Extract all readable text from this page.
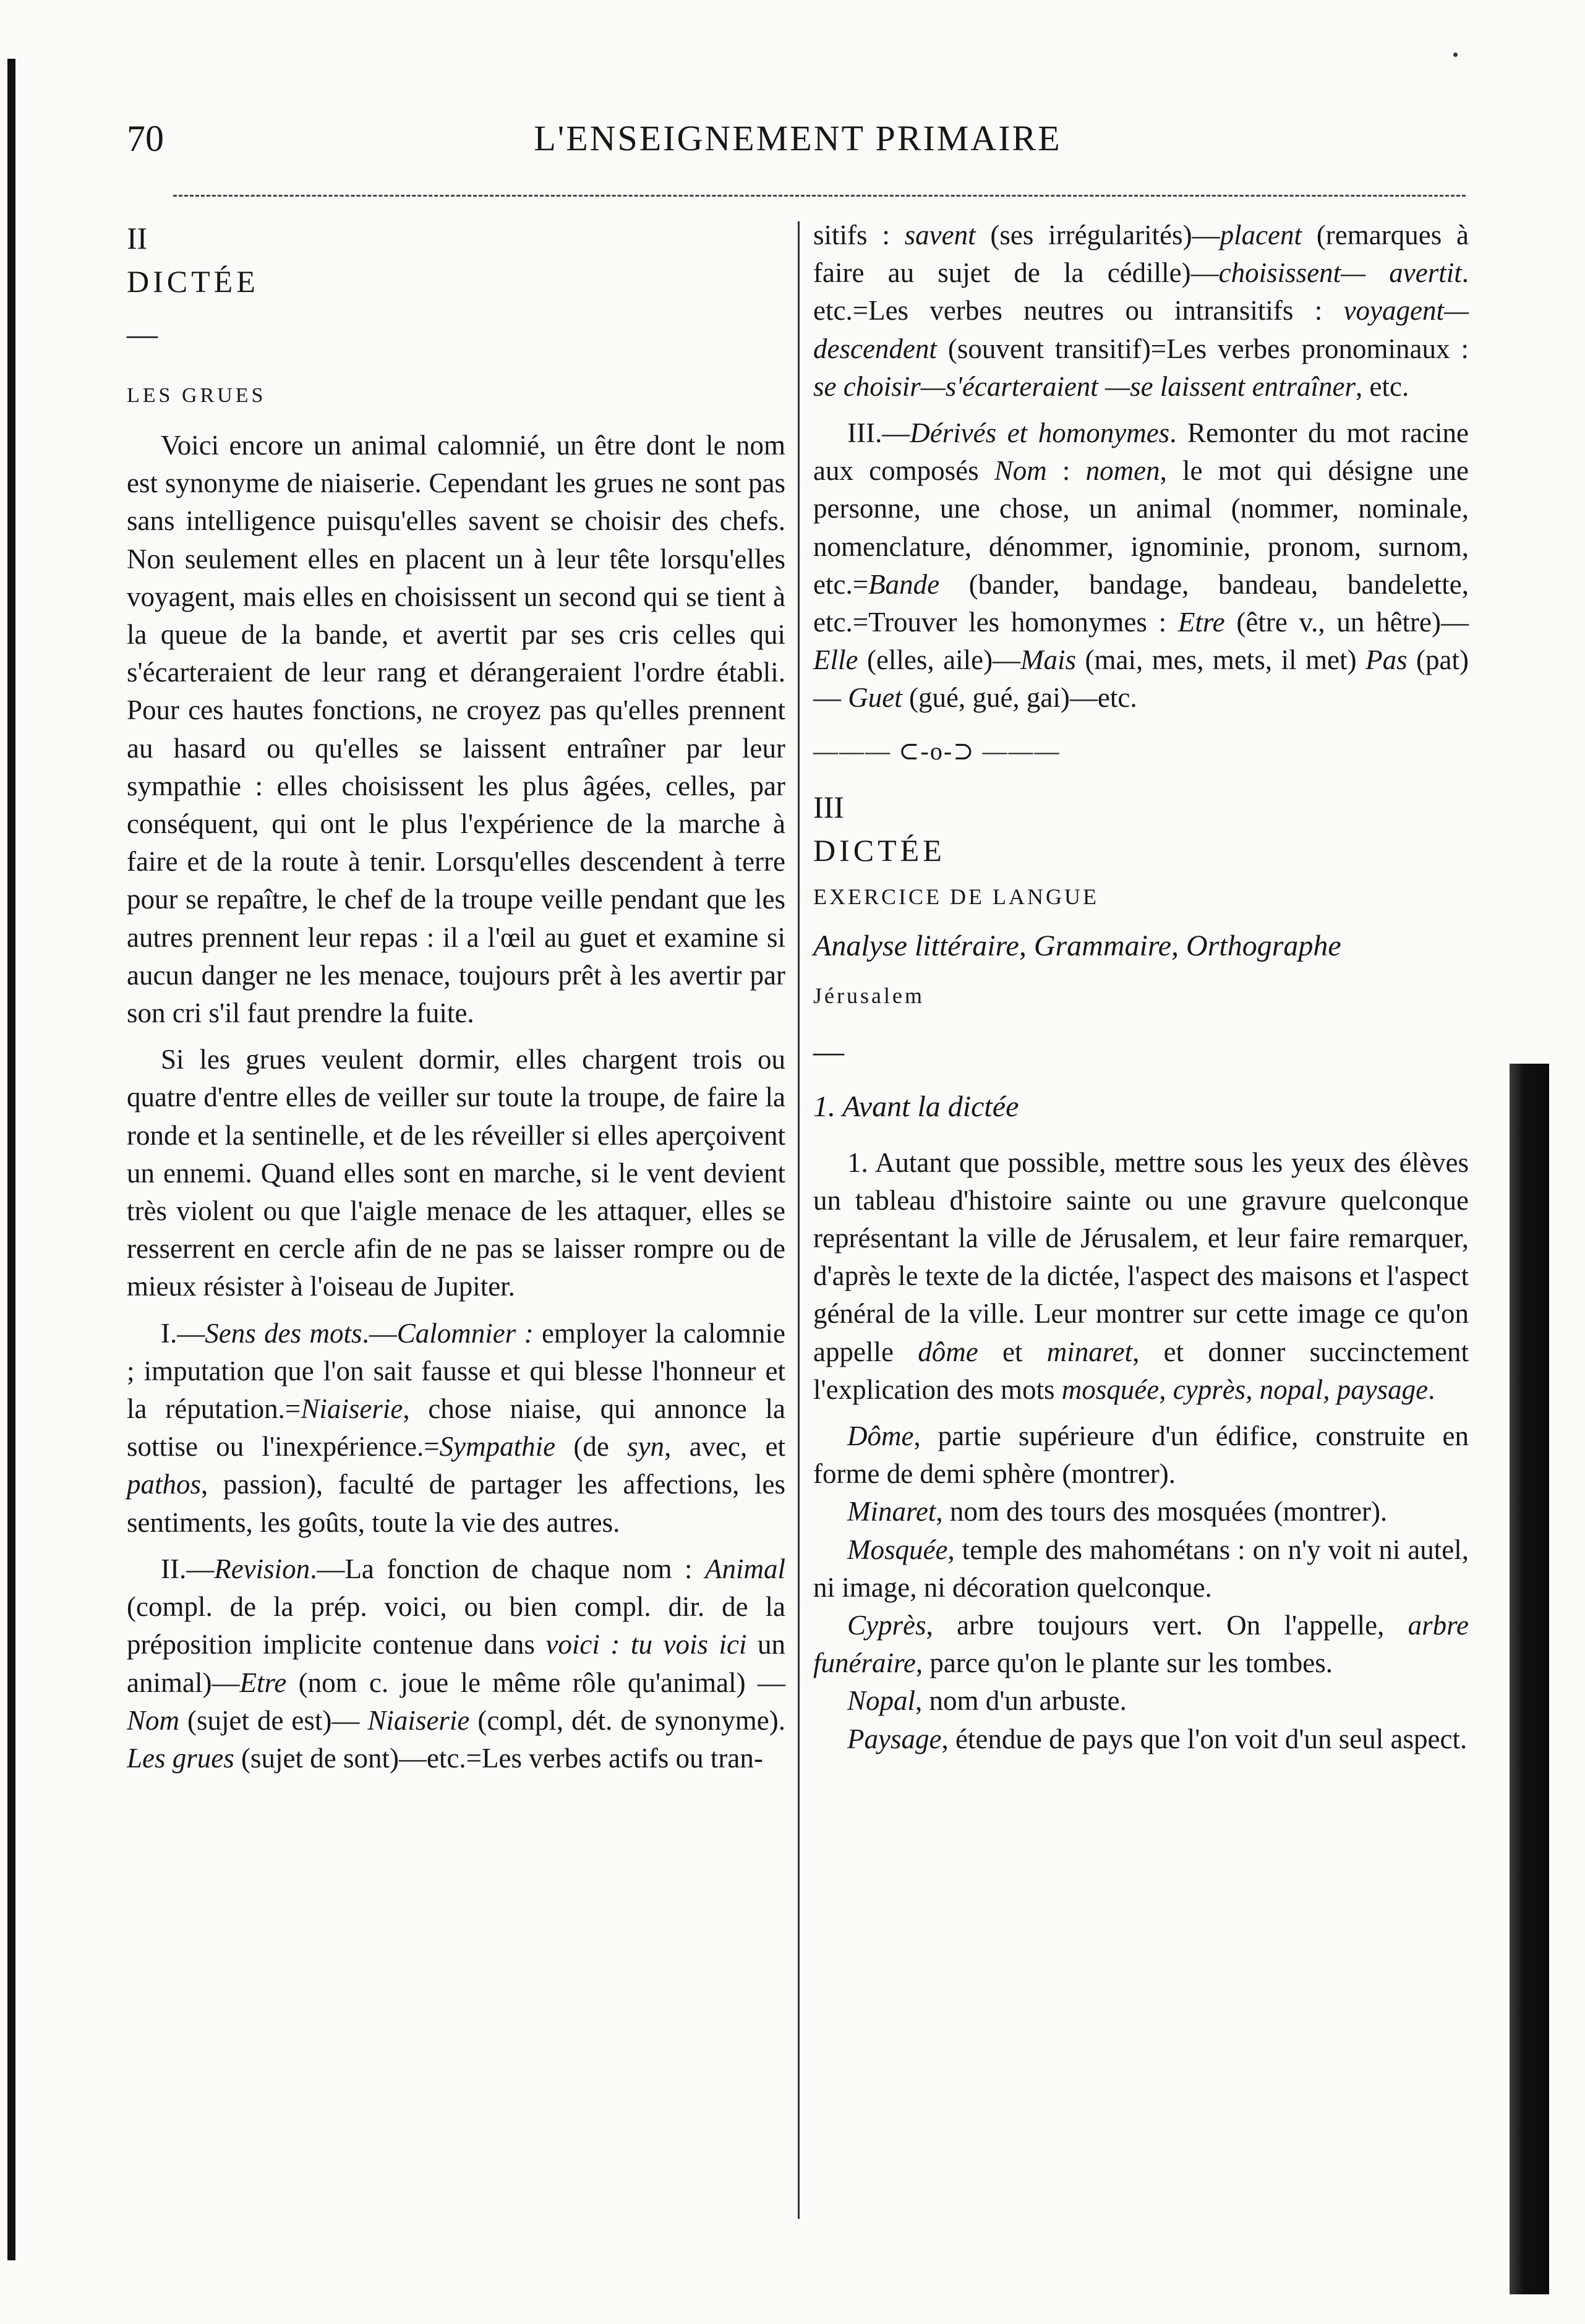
70	L'ENSEIGNEMENT PRIMAIRE

II

DICTÉE

—

LES GRUES

Voici encore un animal calomnié, un être dont le nom est synonyme de niaiserie. Cependant les grues ne sont pas sans intelligence puisqu'elles savent se choisir des chefs. Non seulement elles en placent un à leur tête lorsqu'elles voyagent, mais elles en choisissent un second qui se tient à la queue de la bande, et avertit par ses cris celles qui s'écarteraient de leur rang et dérangeraient l'ordre établi. Pour ces hautes fonctions, ne croyez pas qu'elles prennent au hasard ou qu'elles se laissent entraîner par leur sympathie : elles choisissent les plus âgées, celles, par conséquent, qui ont le plus l'expérience de la marche à faire et de la route à tenir. Lorsqu'elles descendent à terre pour se repaître, le chef de la troupe veille pendant que les autres prennent leur repas : il a l'œil au guet et examine si aucun danger ne les menace, toujours prêt à les avertir par son cri s'il faut prendre la fuite.

Si les grues veulent dormir, elles chargent trois ou quatre d'entre elles de veiller sur toute la troupe, de faire la ronde et la sentinelle, et de les réveiller si elles aperçoivent un ennemi. Quand elles sont en marche, si le vent devient très violent ou que l'aigle menace de les attaquer, elles se resserrent en cercle afin de ne pas se laisser rompre ou de mieux résister à l'oiseau de Jupiter.

I.—Sens des mots.—Calomnier : employer la calomnie ; imputation que l'on sait fausse et qui blesse l'honneur et la réputation.=Niaiserie, chose niaise, qui annonce la sottise ou l'inexpérience.=Sympathie (de syn, avec, et pathos, passion), faculté de partager les affections, les sentiments, les goûts, toute la vie des autres.

II.—Revision.—La fonction de chaque nom : Animal (compl. de la prép. voici, ou bien compl. dir. de la préposition implicite contenue dans voici : tu vois ici un animal)—Etre (nom c. joue le même rôle qu'animal) —Nom (sujet de est)— Niaiserie (compl, dét. de synonyme). Les grues (sujet de sont)—etc.=Les verbes actifs ou tran-

sitifs : savent (ses irrégularités)—placent (remarques à faire au sujet de la cédille)—choisissent— avertit. etc.=Les verbes neutres ou intransitifs : voyagent— descendent (souvent transitif)=Les verbes pronominaux : se choisir—s'écarteraient —se laissent entraîner, etc.

III.—Dérivés et homonymes. Remonter du mot racine aux composés Nom : nomen, le mot qui désigne une personne, une chose, un animal (nommer, nominale, nomenclature, dénommer, ignominie, pronom, surnom, etc.=Bande (bander, bandage, bandeau, bandelette, etc.=Trouver les homonymes : Etre (être v., un hêtre)—Elle (elles, aile)—Mais (mai, mes, mets, il met) Pas (pat)— Guet (gué, gué, gai)—etc.

——— ⊂-o-⊃ ———

III

DICTÉE

EXERCICE DE LANGUE

Analyse littéraire, Grammaire, Orthographe

Jérusalem

—

1. Avant la dictée

1. Autant que possible, mettre sous les yeux des élèves un tableau d'histoire sainte ou une gravure quelconque représentant la ville de Jérusalem, et leur faire remarquer, d'après le texte de la dictée, l'aspect des maisons et l'aspect général de la ville. Leur montrer sur cette image ce qu'on appelle dôme et minaret, et donner succinctement l'explication des mots mosquée, cyprès, nopal, paysage.

Dôme, partie supérieure d'un édifice, construite en forme de demi sphère (montrer).

Minaret, nom des tours des mosquées (montrer).

Mosquée, temple des mahométans : on n'y voit ni autel, ni image, ni décoration quelconque.

Cyprès, arbre toujours vert. On l'appelle, arbre funéraire, parce qu'on le plante sur les tombes.

Nopal, nom d'un arbuste.

Paysage, étendue de pays que l'on voit d'un seul aspect.
